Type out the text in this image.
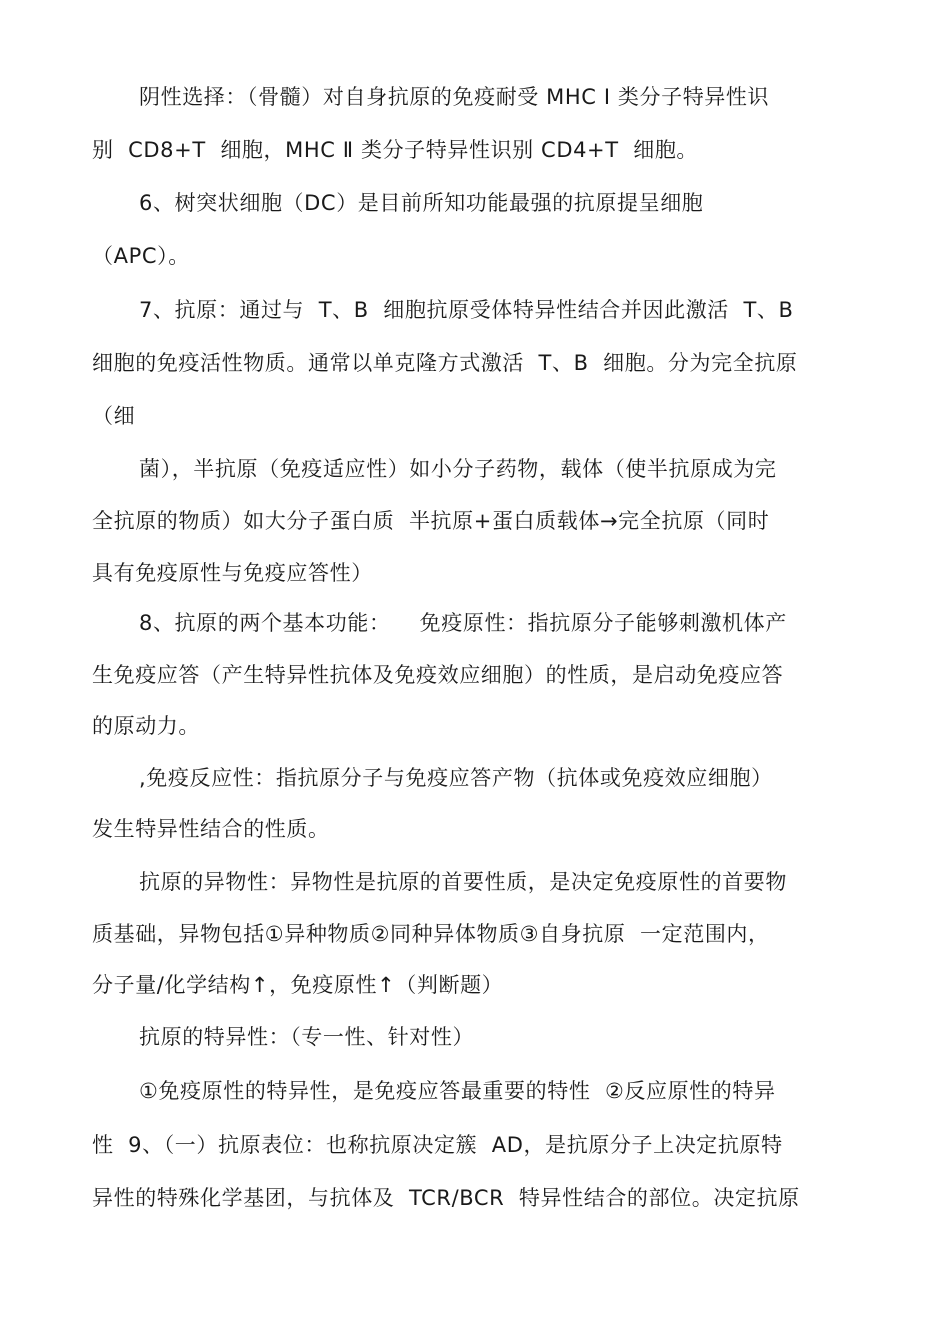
阴性选择：（骨髓）对自身抗原的免疫耐受 MHC Ⅰ 类分子特异性识
别  CD8+T  细胞，MHC Ⅱ 类分子特异性识别 CD4+T  细胞。
6、树突状细胞（DC）是目前所知功能最强的抗原提呈细胞
（APC）。
7、抗原：通过与  T、B  细胞抗原受体特异性结合并因此激活  T、B
细胞的免疫活性物质。通常以单克隆方式激活  T、B  细胞。分为完全抗原
（细
菌），半抗原（免疫适应性）如小分子药物，载体（使半抗原成为完
全抗原的物质）如大分子蛋白质  半抗原+蛋白质载体→完全抗原（同时
具有免疫原性与免疫应答性）
8、抗原的两个基本功能：    免疫原性：指抗原分子能够刺激机体产
生免疫应答（产生特异性抗体及免疫效应细胞）的性质，是启动免疫应答
的原动力。
,免疫反应性：指抗原分子与免疫应答产物（抗体或免疫效应细胞）
发生特异性结合的性质。
抗原的异物性：异物性是抗原的首要性质，是决定免疫原性的首要物
质基础，异物包括①异种物质②同种异体物质③自身抗原  一定范围内，
分子量/化学结构↑，免疫原性↑（判断题）
抗原的特异性：（专一性、针对性）
①免疫原性的特异性，是免疫应答最重要的特性  ②反应原性的特异
性  9、（一）抗原表位：也称抗原决定簇  AD，是抗原分子上决定抗原特
异性的特殊化学基团，与抗体及  TCR/BCR  特异性结合的部位。决定抗原
